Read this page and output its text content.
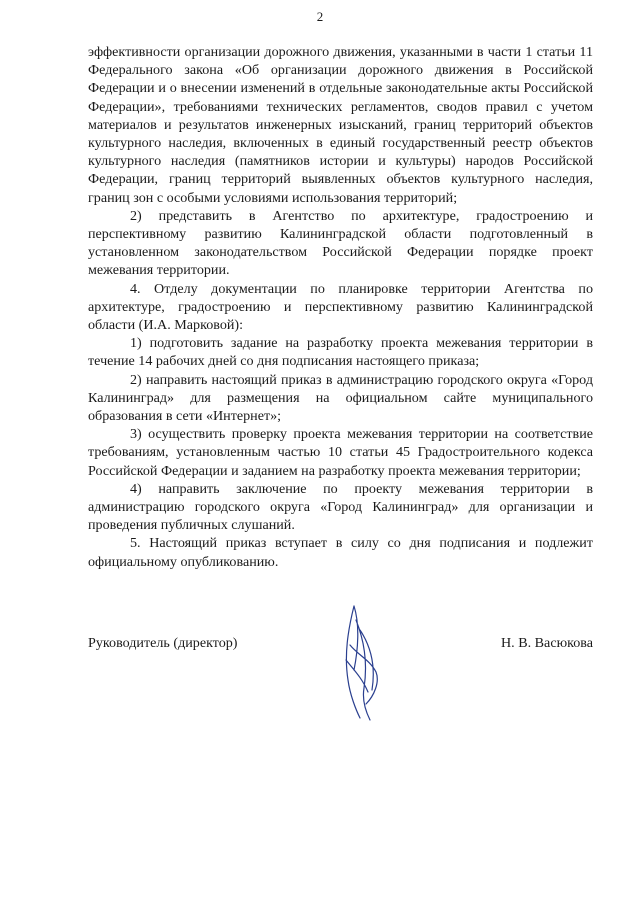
2

эффективности организации дорожного движения, указанными в части 1 статьи 11 Федерального закона «Об организации дорожного движения в Российской Федерации и о внесении изменений в отдельные законодательные акты Российской Федерации», требованиями технических регламентов, сводов правил с учетом материалов и результатов инженерных изысканий, границ территорий объектов культурного наследия, включенных в единый государственный реестр объектов культурного наследия (памятников истории и культуры) народов Российской Федерации, границ территорий выявленных объектов культурного наследия, границ зон с особыми условиями использования территорий;

2) представить в Агентство по архитектуре, градостроению и перспективному развитию Калининградской области подготовленный в установленном законодательством Российской Федерации порядке проект межевания территории.

4. Отделу документации по планировке территории Агентства по архитектуре, градостроению и перспективному развитию Калининградской области (И.А. Марковой):

1) подготовить задание на разработку проекта межевания территории в течение 14 рабочих дней со дня подписания настоящего приказа;

2) направить настоящий приказ в администрацию городского округа «Город Калининград» для размещения на официальном сайте муниципального образования в сети «Интернет»;

3) осуществить проверку проекта межевания территории на соответствие требованиям, установленным частью 10 статьи 45 Градостроительного кодекса Российской Федерации и заданием на разработку проекта межевания территории;

4) направить заключение по проекту межевания территории в администрацию городского округа «Город Калининград» для организации и проведения публичных слушаний.

5. Настоящий приказ вступает в силу со дня подписания и подлежит официальному опубликованию.

Руководитель (директор)	Н. В. Васюкова
